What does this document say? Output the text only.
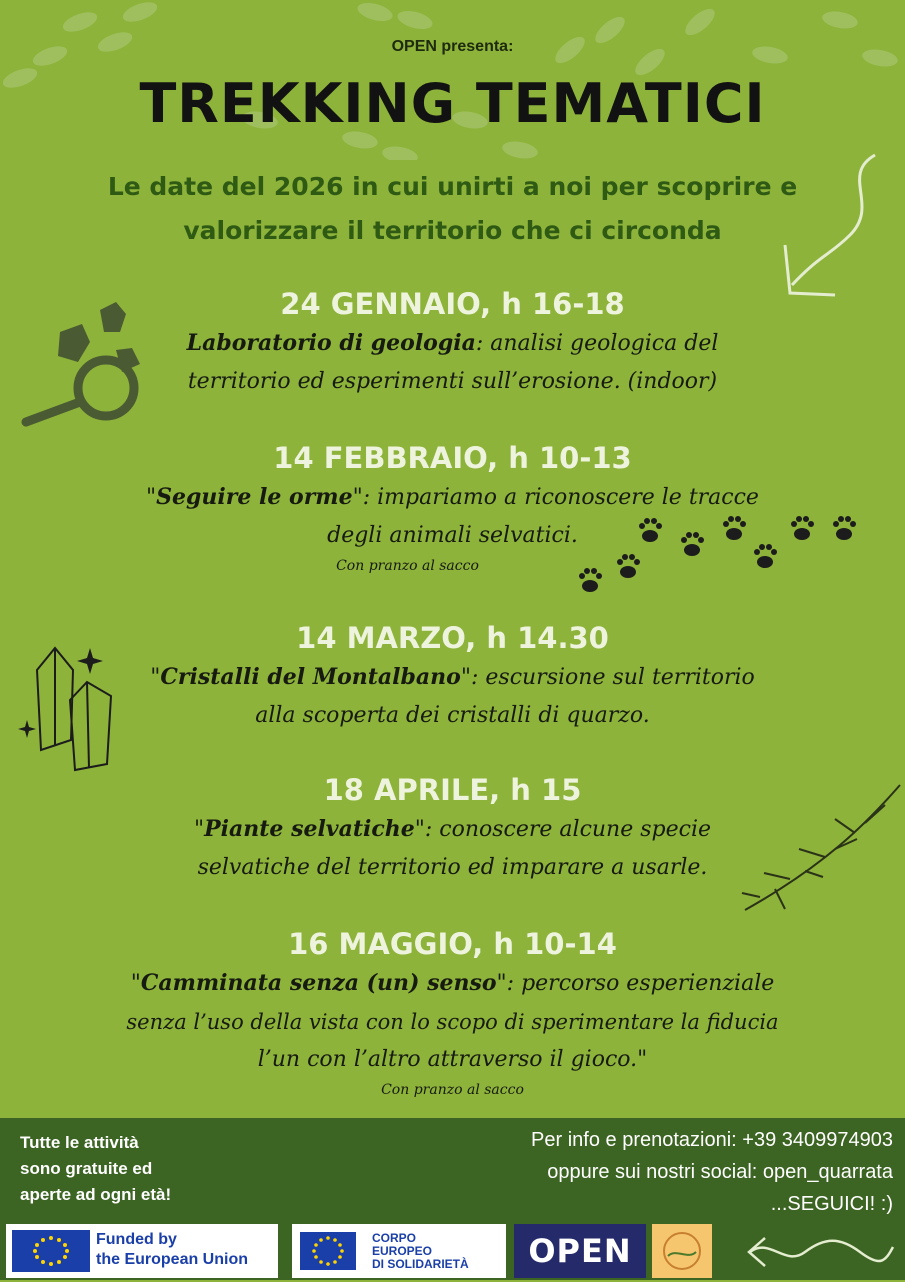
OPEN presenta:
TREKKING TEMATICI
Le date del 2026 in cui unirti a noi per scoprire e
valorizzare il territorio che ci circonda
24 GENNAIO, h 16-18
Laboratorio di geologia: analisi geologica del
territorio ed esperimenti sull’erosione. (indoor)
14 FEBBRAIO, h 10-13
"Seguire le orme": impariamo a riconoscere le tracce
degli animali selvatici.
Con pranzo al sacco
14 MARZO, h 14.30
"Cristalli del Montalbano": escursione sul territorio
alla scoperta dei cristalli di quarzo.
18 APRILE, h 15
"Piante selvatiche": conoscere alcune specie
selvatiche del territorio ed imparare a usarle.
16 MAGGIO, h 10-14
"Camminata senza (un) senso": percorso esperienziale
senza l’uso della vista con lo scopo di sperimentare la fiducia
l’un con l’altro attraverso il gioco."
Con pranzo al sacco
Tutte le attività
sono gratuite ed
aperte ad ogni età!
Per info e prenotazioni: +39 3409974903
oppure sui nostri social: open_quarrata
...SEGUICI! :)
Funded by
the European Union
CORPO
EUROPEO
DI SOLIDARIETÀ	OPEN
